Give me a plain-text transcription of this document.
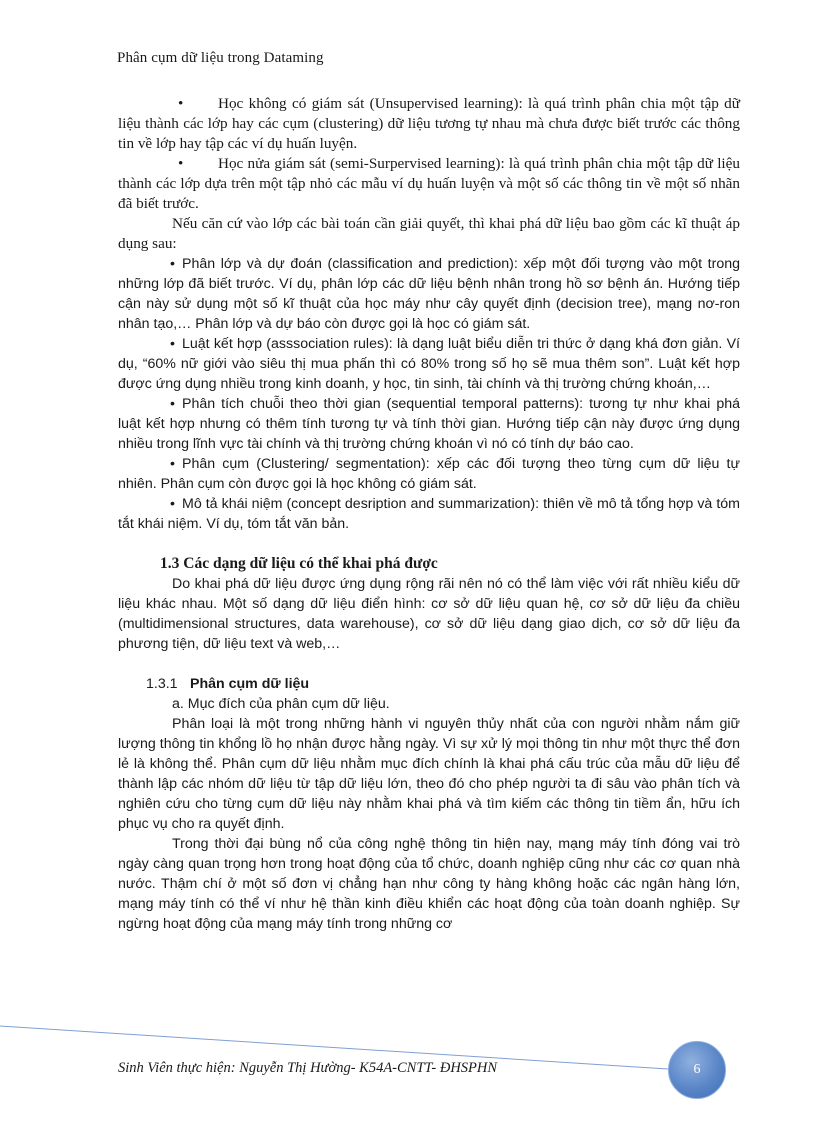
Phân cụm dữ liệu trong Dataming

• Học không có giám sát (Unsupervised learning): là quá trình phân chia một tập dữ liệu thành các lớp hay các cụm (clustering) dữ liệu tương tự nhau mà chưa được biết trước các thông tin về lớp hay tập các ví dụ huấn luyện.

• Học nửa giám sát (semi-Surpervised learning): là quá trình phân chia một tập dữ liệu thành các lớp dựa trên một tập nhỏ các mẫu ví dụ huấn luyện và một số các thông tin về một số nhãn đã biết trước.

Nếu căn cứ vào lớp các bài toán cần giải quyết, thì khai phá dữ liệu bao gồm các kĩ thuật áp dụng sau:

• Phân lớp và dự đoán (classification and prediction): xếp một đối tượng vào một trong những lớp đã biết trước. Ví dụ, phân lớp các dữ liệu bệnh nhân trong hồ sơ bệnh án. Hướng tiếp cận này sử dụng một số kĩ thuật của học máy như cây quyết định (decision tree), mạng nơ-ron nhân tạo,… Phân lớp và dự báo còn được gọi là học có giám sát.

• Luật kết hợp (asssociation rules): là dạng luật biểu diễn tri thức ở dạng khá đơn giản. Ví dụ, “60% nữ giới vào siêu thị mua phấn thì có 80% trong số họ sẽ mua thêm son”. Luật kết hợp được ứng dụng nhiều trong kinh doanh, y học, tin sinh, tài chính và thị trường chứng khoán,…

• Phân tích chuỗi theo thời gian (sequential temporal patterns): tương tự như khai phá luật kết hợp nhưng có thêm tính tương tự và tính thời gian. Hướng tiếp cận này được ứng dụng nhiều trong lĩnh vực tài chính và thị trường chứng khoán vì nó có tính dự báo cao.

• Phân cụm (Clustering/ segmentation): xếp các đối tượng theo từng cụm dữ liệu tự nhiên. Phân cụm còn được gọi là học không có giám sát.

• Mô tả khái niệm (concept desription and summarization): thiên về mô tả tổng hợp và tóm tắt khái niệm. Ví dụ, tóm tắt văn bản.

1.3 Các dạng dữ liệu có thể khai phá được

Do khai phá dữ liệu được ứng dụng rộng rãi nên nó có thể làm việc với rất nhiều kiểu dữ liệu khác nhau. Một số dạng dữ liệu điển hình: cơ sở dữ liệu quan hệ, cơ sở dữ liệu đa chiều (multidimensional structures, data warehouse), cơ sở dữ liệu dạng giao dịch, cơ sở dữ liệu đa phương tiện, dữ liệu text và web,…

1.3.1 Phân cụm dữ liệu

a. Mục đích của phân cụm dữ liệu.

Phân loại là một trong những hành vi nguyên thủy nhất của con người nhằm nắm giữ lượng thông tin khổng lồ họ nhận được hằng ngày. Vì sự xử lý mọi thông tin như một thực thể đơn lẻ là không thể. Phân cụm dữ liệu nhằm mục đích chính là khai phá cấu trúc của mẫu dữ liệu để thành lập các nhóm dữ liệu từ tập dữ liệu lớn, theo đó cho phép người ta đi sâu vào phân tích và nghiên cứu cho từng cụm dữ liệu này nhằm khai phá và tìm kiếm các thông tin tiềm ẩn, hữu ích phục vụ cho ra quyết định.

Trong thời đại bùng nổ của công nghệ thông tin hiện nay, mạng máy tính đóng vai trò ngày càng quan trọng hơn trong hoạt động của tổ chức, doanh nghiệp cũng như các cơ quan nhà nước. Thậm chí ở một số đơn vị chẳng hạn như công ty hàng không hoặc các ngân hàng lớn, mạng máy tính có thể ví như hệ thần kinh điều khiển các hoạt động của toàn doanh nghiệp. Sự ngừng hoạt động của mạng máy tính trong những cơ

Sinh Viên thực hiện: Nguyễn Thị Hường- K54A-CNTT- ĐHSPHN	6
